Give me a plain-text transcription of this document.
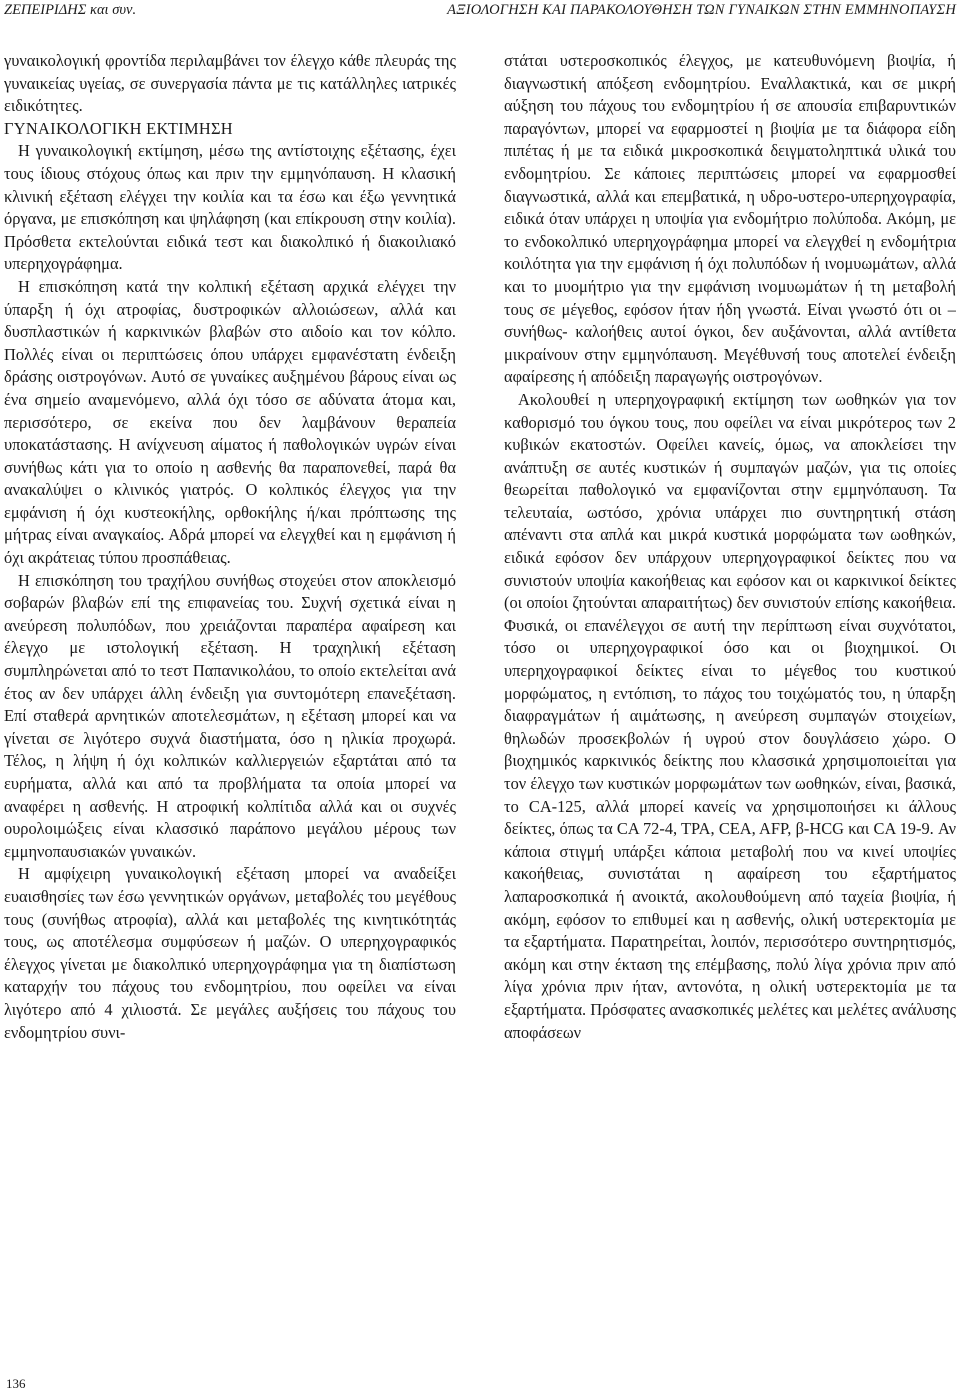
ΖΕΠΕΙΡΙΔΗΣ και συν.	ΑΞΙΟΛΟΓΗΣΗ ΚΑΙ ΠΑΡΑΚΟΛΟΥΘΗΣΗ ΤΩΝ ΓΥΝΑΙΚΩΝ ΣΤΗΝ ΕΜΜΗΝΟΠΑΥΣΗ

γυναικολογική φροντίδα περιλαμβάνει τον έλεγχο κάθε πλευράς της γυναικείας υγείας, σε συνεργασία πάντα με τις κατάλληλες ιατρικές ειδικότητες.

ΓΥΝΑΙΚΟΛΟΓΙΚΗ ΕΚΤΙΜΗΣΗ

Η γυναικολογική εκτίμηση, μέσω της αντίστοιχης εξέτασης, έχει τους ίδιους στόχους όπως και πριν την εμμηνόπαυση. Η κλασική κλινική εξέταση ελέγχει την κοιλία και τα έσω και έξω γεννητικά όργανα, με επισκόπηση και ψηλάφηση (και επίκρουση στην κοιλία). Πρόσθετα εκτελούνται ειδικά τεστ και διακολπικό ή διακοιλιακό υπερηχογράφημα.

Η επισκόπηση κατά την κολπική εξέταση αρχικά ελέγχει την ύπαρξη ή όχι ατροφίας, δυστροφικών αλλοιώσεων, αλλά και δυσπλαστικών ή καρκινικών βλαβών στο αιδοίο και τον κόλπο. Πολλές είναι οι περιπτώσεις όπου υπάρχει εμφανέστατη ένδειξη δράσης οιστρογόνων. Αυτό σε γυναίκες αυξημένου βάρους είναι ως ένα σημείο αναμενόμενο, αλλά όχι τόσο σε αδύνατα άτομα και, περισσότερο, σε εκείνα που δεν λαμβάνουν θεραπεία υποκατάστασης. Η ανίχνευση αίματος ή παθολογικών υγρών είναι συνήθως κάτι για το οποίο η ασθενής θα παραπονεθεί, παρά θα ανακαλύψει ο κλινικός γιατρός. Ο κολπικός έλεγχος για την εμφάνιση ή όχι κυστεοκήλης, ορθοκήλης ή/και πρόπτωσης της μήτρας είναι αναγκαίος. Αδρά μπορεί να ελεγχθεί και η εμφάνιση ή όχι ακράτειας τύπου προσπάθειας.

Η επισκόπηση του τραχήλου συνήθως στοχεύει στον αποκλεισμό σοβαρών βλαβών επί της επιφανείας του. Συχνή σχετικά είναι η ανεύρεση πολυπόδων, που χρειάζονται παραπέρα αφαίρεση και έλεγχο με ιστολογική εξέταση. Η τραχηλική εξέταση συμπληρώνεται από το τεστ Παπανικολάου, το οποίο εκτελείται ανά έτος αν δεν υπάρχει άλλη ένδειξη για συντομότερη επανεξέταση. Επί σταθερά αρνητικών αποτελεσμάτων, η εξέταση μπορεί και να γίνεται σε λιγότερο συχνά διαστήματα, όσο η ηλικία προχωρά. Τέλος, η λήψη ή όχι κολπικών καλλιεργειών εξαρτάται από τα ευρήματα, αλλά και από τα προβλήματα τα οποία μπορεί να αναφέρει η ασθενής. Η ατροφική κολπίτιδα αλλά και οι συχνές ουρολοιμώξεις είναι κλασσικό παράπονο μεγάλου μέρους των εμμηνοπαυσιακών γυναικών.

Η αμφίχειρη γυναικολογική εξέταση μπορεί να αναδείξει ευαισθησίες των έσω γεννητικών οργάνων, μεταβολές του μεγέθους τους (συνήθως ατροφία), αλλά και μεταβολές της κινητικότητάς τους, ως αποτέλεσμα συμφύσεων ή μαζών. Ο υπερηχογραφικός έλεγχος γίνεται με διακολπικό υπερηχογράφημα για τη διαπίστωση καταρχήν του πάχους του ενδομητρίου, που οφείλει να είναι λιγότερο από 4 χιλιοστά. Σε μεγάλες αυξήσεις του πάχους του ενδομητρίου συνι-

στάται υστεροσκοπικός έλεγχος, με κατευθυνόμενη βιοψία, ή διαγνωστική απόξεση ενδομητρίου. Εναλλακτικά, και σε μικρή αύξηση του πάχους του ενδομητρίου ή σε απουσία επιβαρυντικών παραγόντων, μπορεί να εφαρμοστεί η βιοψία με τα διάφορα είδη πιπέτας ή με τα ειδικά μικροσκοπικά δειγματοληπτικά υλικά του ενδομητρίου. Σε κάποιες περιπτώσεις μπορεί να εφαρμοσθεί διαγνωστικά, αλλά και επεμβατικά, η υδρο-υστερο-υπερηχογραφία, ειδικά όταν υπάρχει η υποψία για ενδομήτριο πολύποδα. Ακόμη, με το ενδοκολπικό υπερηχογράφημα μπορεί να ελεγχθεί η ενδομήτρια κοιλότητα για την εμφάνιση ή όχι πολυπόδων ή ινομυωμάτων, αλλά και το μυομήτριο για την εμφάνιση ινομυωμάτων ή τη μεταβολή τους σε μέγεθος, εφόσον ήταν ήδη γνωστά. Είναι γνωστό ότι οι –συνήθως- καλοήθεις αυτοί όγκοι, δεν αυξάνονται, αλλά αντίθετα μικραίνουν στην εμμηνόπαυση. Μεγέθυνσή τους αποτελεί ένδειξη αφαίρεσης ή απόδειξη παραγωγής οιστρογόνων.

Ακολουθεί η υπερηχογραφική εκτίμηση των ωοθηκών για τον καθορισμό του όγκου τους, που οφείλει να είναι μικρότερος των 2 κυβικών εκατοστών. Οφείλει κανείς, όμως, να αποκλείσει την ανάπτυξη σε αυτές κυστικών ή συμπαγών μαζών, για τις οποίες θεωρείται παθολογικό να εμφανίζονται στην εμμηνόπαυση. Τα τελευταία, ωστόσο, χρόνια υπάρχει πιο συντηρητική στάση απέναντι στα απλά και μικρά κυστικά μορφώματα των ωοθηκών, ειδικά εφόσον δεν υπάρχουν υπερηχογραφικοί δείκτες που να συνιστούν υποψία κακοήθειας και εφόσον και οι καρκινικοί δείκτες (οι οποίοι ζητούνται απαραιτήτως) δεν συνιστούν επίσης κακοήθεια. Φυσικά, οι επανέλεγχοι σε αυτή την περίπτωση είναι συχνότατοι, τόσο οι υπερηχογραφικοί όσο και οι βιοχημικοί. Οι υπερηχογραφικοί δείκτες είναι το μέγεθος του κυστικού μορφώματος, η εντόπιση, το πάχος του τοιχώματός του, η ύπαρξη διαφραγμάτων ή αιμάτωσης, η ανεύρεση συμπαγών στοιχείων, θηλωδών προσεκβολών ή υγρού στον δουγλάσειο χώρο. Ο βιοχημικός καρκινικός δείκτης που κλασσικά χρησιμοποιείται για τον έλεγχο των κυστικών μορφωμάτων των ωοθηκών, είναι, βασικά, το CA-125, αλλά μπορεί κανείς να χρησιμοποιήσει κι άλλους δείκτες, όπως τα CA 72-4, TPA, CEA, AFP, β-HCG και CA 19-9. Αν κάποια στιγμή υπάρξει κάποια μεταβολή που να κινεί υποψίες κακοήθειας, συνιστάται η αφαίρεση του εξαρτήματος λαπαροσκοπικά ή ανοικτά, ακολουθούμενη από ταχεία βιοψία, ή ακόμη, εφόσον το επιθυμεί και η ασθενής, ολική υστερεκτομία με τα εξαρτήματα. Παρατηρείται, λοιπόν, περισσότερο συντηρητισμός, ακόμη και στην έκταση της επέμβασης, πολύ λίγα χρόνια πριν από λίγα χρόνια πριν ήταν, αντονότα, η ολική υστερεκτομία με τα εξαρτήματα. Πρόσφατες ανασκοπικές μελέτες και μελέτες ανάλυσης αποφάσεων

136
